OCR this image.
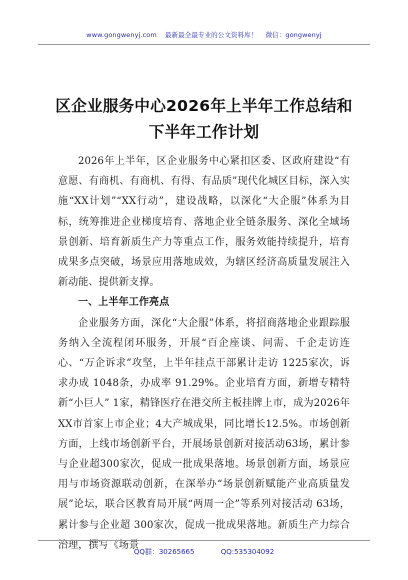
www.gongwenyj.com 最新最全最专业的公文资料库！ 微信：gongwenyj
区企业服务中心2026年上半年工作总结和
下半年工作计划

2026年上半年，区企业服务中心紧扣区委、区政府建设“有意愿、有商机、有商机、有得、有品质”现代化城区目标，深入实施“XX计划”“XX行动”，建设战略，以深化“大企服”体系为目标，统筹推进企业梯度培育、落地企业全链条服务、深化全域场景创新、培育新质生产力等重点工作，服务效能持续提升，培育成果多点突破，场景应用落地成效，为辖区经济高质量发展注入新动能、提供新支撑。

一、上半年工作亮点

企业服务方面，深化“大企服”体系，将招商落地企业跟踪服务纳入全流程闭环服务，开展“百企座谈、问需、千企走访连心、“万企诉求”攻坚，上半年挂点干部累计走访 1225家次，诉求办成 1048条，办成率 91.29%。企业培育方面，新增专精特新“小巨人” 1家，精锋医疗在港交所主板挂牌上市，成为2026年XX市首家上市企业；4大产城成果，同比增长12.5%。市场创新方面，上线市场创新平台，开展场景创新对接活动63场，累计参与企业超300家次，促成一批成果落地。场景创新方面，场景应用与市场资源联动创新，在深举办“场景创新赋能产业高质量发展”论坛，联合区教育局开展“两周一企”等系列对接活动 63场，累计参与企业超 300家次，促成一批成果落地。新质生产力综合治理，撰写《场景

QQ群：30265665	QQ:535304092
